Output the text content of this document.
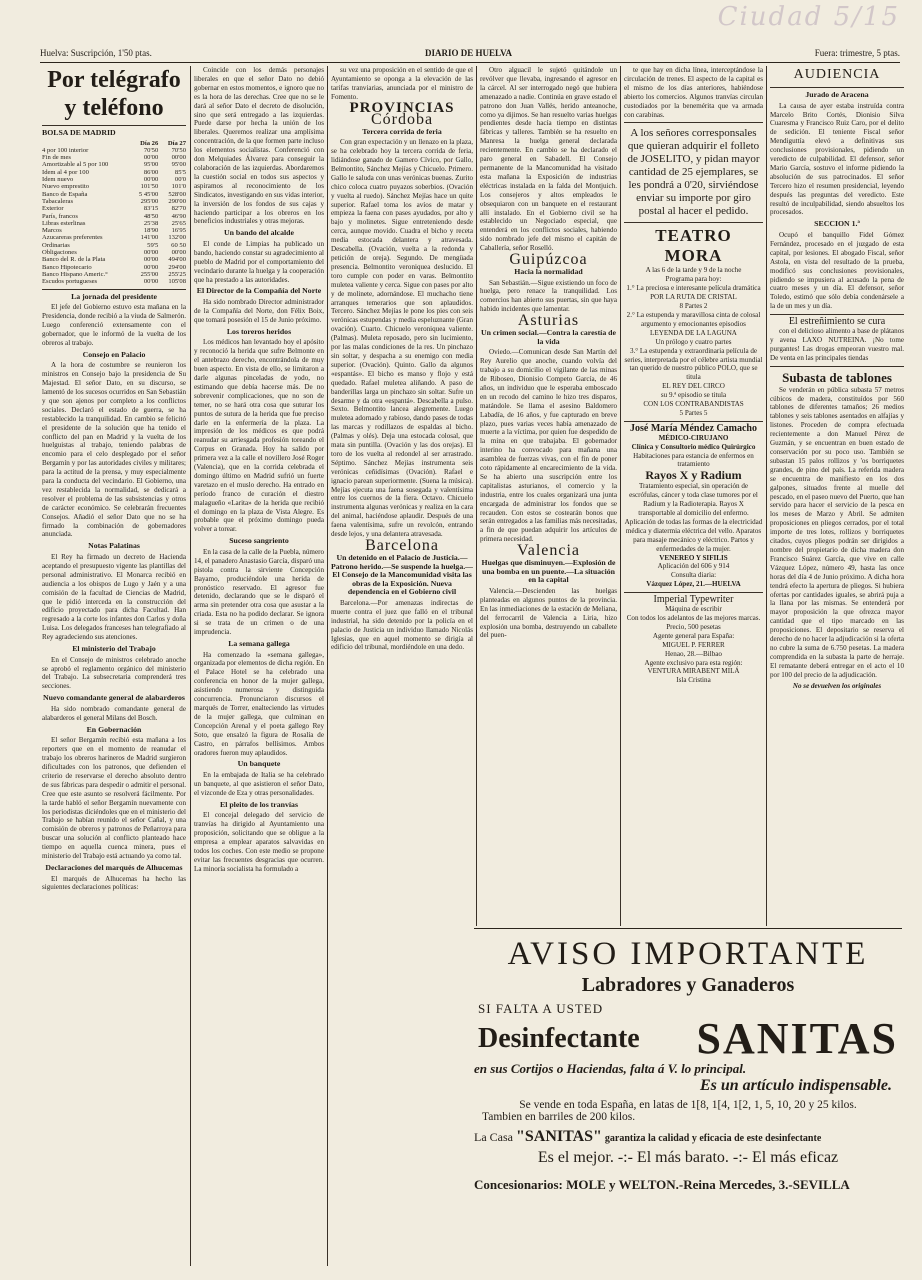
Ciudad 5/15
Huelva: Suscripción, 1'50 ptas.	DIARIO DE HUELVA	Fuera: trimestre, 5 ptas.
Por telégrafo y teléfono
BOLSA DE MADRID
	Día 26	Día 27
4 por 100 interior	70'50	70'50
Fin de mes	00'00	00'00
Amortizable al 5 por 100	95'00	95'00
Idem al 4 por 100	86'00	85'5
Idem nuevo	00'00	00'0
Nuevo emprestito	101'50	101'0
Banco de España	5 45'00	528'00
Tabacaleras	295'00	290'00
Exterior	83'15	82'70
París, francos	48'50	46'90
Libras esterlinas	25'38	25'65
Marcos	18'90	16'95
Azucareras preferentes	141'00	132'00
Ordinarias	59'5	60 50
Obligaciones	00'00	00'00
Banco del R. de la Plata	00'00	494'00
Banco Hipotecario	00'00	294'00
Banco Hispano Americ.°	255'00	255'25
Escudos portugueses	00'00	105'08
La jornada del presidente

El jefe del Gobierno estuvo esta mañana en la Presidencia, donde recibió a la viuda de Salmerón. Luego conferenció extensamente con el gobernador, que le informó de la vuelta de los obreros al trabajo.

Consejo en Palacio

A la hora de costumbre se reunieron los ministros en Consejo bajo la presidencia de Su Majestad. El señor Dato, en su discurso, se lamentó de los sucesos ocurridos en San Sebastián y que son ajenos por completo a los conflictos sociales. Declaró el estado de guerra, se ha restablecido la tranquilidad. En cambio se felicitó el presidente de la solución que ha tenido el conflicto del pan en Madrid y la vuelta de los huelguistas al trabajo, teniendo palabras de encomio para el celo desplegado por el señor Bergamín y por las autoridades civiles y militares; para la actitud de la prensa, y muy especialmente para la conducta del vecindario. El Gobierno, una vez restablecida la normalidad, se dedicará a resolver el problema de las subsistencias y otros de carácter económico. Se celebrarán frecuentes Consejos. Añadió el señor Dato que no se ha firmado la combinación de gobernadores anunciada.

Notas Palatinas

El Rey ha firmado un decreto de Hacienda aceptando el presupuesto vigente las plantillas del personal administrativo. El Monarca recibió en audiencia a los obispos de Lugo y Jaén y a una comisión de la facultad de Ciencias de Madrid, que le pidió interceda en la construcción del edificio proyectado para dicha Facultad. Han regresado a la corte los infantes don Carlos y doña Luisa. Los delegados franceses han telegrafiado al Rey agradeciendo sus atenciones.

El ministerio del Trabajo

En el Consejo de ministros celebrado anoche se aprobó el reglamento orgánico del ministerio del Trabajo. La subsecretaria comprenderá tres secciones.

Nuevo comandante general de alabarderos

Ha sido nombrado comandante general de alabarderos el general Milans del Bosch.

En Gobernación

El señor Bergamín recibió esta mañana a los reporters que en el momento de reanudar el trabajo los obreros harineros de Madrid surgieron dificultades con los patronos, que defienden el criterio de reservarse el derecho absoluto dentro de sus fábricas para despedir o admitir el personal. Cree que este asunto se resolverá fácilmente. Por la tarde habló el señor Bergamín nuevamente con los periodistas diciéndoles que en el ministerio del Trabajo se habían reunido el señor Cañal, y una comisión de obreros y patronos de Peñarroya para buscar una solución al conflicto planteado hace tiempo en aquella cuenca minera, pues el ministerio del Trabajo está actuando ya como tal.

Declaraciones del marqués de Alhucemas

El marqués de Alhucemas ha hecho las siguientes declaraciones políticas:

Coincide con los demás personajes liberales en que el señor Dato no debió gobernar en estos momentos, e ignoro que no es la hora de las derechas. Cree que no se le dará al señor Dato el decreto de disolución, sino que será entregado a las izquierdas. Puede darse por hecha la unión de los liberales. Queremos realizar una amplísima concentración, de la que formen parte incluso los elementos socialistas. Conferenció con don Melquiades Álvarez para conseguir la colaboración de las izquierdas. Abordaremos la cuestión social en todos sus aspectos y aspiramos al reconocimiento de los Sindicatos, investigando en sus vidas interior, la inversión de los fondos de sus cajas y haciendo participar a los obreros en los beneficios industriales y otras mejoras.

Un bando del alcalde

El conde de Limpias ha publicado un bando, haciendo constar su agradecimiento al pueblo de Madrid por el comportamiento del vecindario durante la huelga y la cooperación que ha prestado a las autoridades.

El Director de la Compañía del Norte

Ha sido nombrado Director administrador de la Compañía del Norte, don Félix Boix, que tomará posesión el 15 de Junio próximo.

Los toreros heridos

Los médicos han levantado hoy el apósito y reconoció la herida que sufre Belmonte en el antebrazo derecho, encontrándola de muy buen aspecto. En vista de ello, se limitaron a darle algunas pinceladas de yodo, no estimando que debía hacerse más. De no sobrevenir complicaciones, que no son de temer, no se hará otra cosa que suturar los puntos de sutura de la herida que fue preciso darle en la enfermería de la plaza. La impresión de los médicos es que podrá reanudar su arriesgada profesión toreando el Corpus en Granada. Hoy ha salido por primera vez a la calle el novillero José Roger (Valencia), que en la corrida celebrada el domingo último en Madrid sufrió un fuerte varetazo en el muslo derecho. Ha entrado en período franco de curación el diestro malagueño «Larita» de la herida que recibió el domingo en la plaza de Vista Alegre. Es probable que el próximo domingo pueda volver a torear.

Suceso sangriento

En la casa de la calle de la Puebla, número 14, el panadero Anastasio García, disparó una pistola contra la sirviente Concepción Bayamo, produciéndole una herida de pronóstico reservado. El agresor fue detenido, declarando que se le disparó el arma sin pretender otra cosa que asustar a la criada. Esta no ha podido declarar. Se ignora si se trata de un crimen o de una imprudencia.

La semana gallega

Ha comenzado la «semana gallega», organizada por elementos de dicha región. En el Palace Hotel se ha celebrado una conferencia en honor de la mujer gallega, asistiendo numerosa y distinguida concurrencia. Pronunciaron discursos el marqués de Torrer, enalteciendo las virtudes de la mujer gallega, que culminan en Concepción Arenal y el poeta gallego Rey Soto, que ensalzó la figura de Rosalía de Castro, en párrafos bellísimos. Ambos oradores fueron muy aplaudidos.

Un banquete

En la embajada de Italia se ha celebrado un banquete, al que asistieron el señor Dato, el vizconde de Eza y otras personalidades.

El pleito de los tranvías

El concejal delegado del servicio de tranvías ha dirigido al Ayuntamiento una proposición, solicitando que se obligue a la empresa a emplear aparatos salvavidas en todos los coches. Con este medio se propone evitar las frecuentes desgracias que ocurren. La minoría socialista ha formulado a

su vez una proposición en el sentido de que el Ayuntamiento se oponga a la elevación de las tarifas tranviarias, anunciada por el ministro de Fomento.

PROVINCIAS
Córdoba
Tercera corrida de feria

Con gran expectación y un llenazo en la plaza, se ha celebrado hoy la tercera corrida de feria, lidiándose ganado de Gamero Cívico, por Gallo, Belmontito, Sánchez Mejías y Chicuelo. Primero. Gallo le saluda con unas verónicas buenas. Zurito chico coloca cuatro puyazos soberbios. (Ovación y vuelta al ruedo). Sánchez Mejías hace un quite superior. Rafael toma los avíos de matar y empieza la faena con pases ayudados, por alto y bajo y molinetes. Sigue entreteniendo desde cerca, aunque movido. Cuadra el bicho y receta media estocada delantera y atravesada. Descabella. (Ovación, vuelta a la redonda y petición de oreja). Segundo. De mengüada presencia. Belmontito veroniquea deslucido. El toro cumple con poder en varas. Belmontito muletea valiente y cerca. Sigue con pases por alto y de molinete, adornándose. El muchacho tiene arranques temerarios que son aplaudidos. Tercero. Sánchez Mejías le pone los pies con seis verónicas estupendas y media espeluznante (Gran ovación). Cuarto. Chicuelo veroniquea valiente. (Palmas). Muleta reposado, pero sin lucimiento, por las malas condiciones de la res. Un pinchazo sin soltar, y despacha a su enemigo con media superior. (Ovación). Quinto. Gallo da algunos «espantás». El bicho es manso y flojo y está quedado. Rafael muletea aliñando. A paso de banderillas larga un pinchazo sin soltar. Sufre un desarme y da otra «espantá». Descabella a pulso. Sexto. Belmontito lancea alegremente. Luego muletea adornado y rabioso, dando pases de todas las marcas y rodillazos de espaldas al bicho. (Palmas y olés). Deja una estocada colosal, que mata sin puntilla. (Ovación y las dos orejas). El toro de los vuelta al redondel al ser arrastrado. Séptimo. Sánchez Mejías instrumenta seis verónicas ceñidísimas (Ovación). Rafael e ignacio parean superiormente. (Suena la música). Mejías ejecuta una faena sosegada y valentísima entre los cuernos de la fiera. Octavo. Chicuelo instrumenta algunas verónicas y realiza en la cara del animal, haciéndose aplaudir. Después de una faena valentísima, sufre un revolcón, entrando desde lejos, y una delantera atravesada.

Barcelona
Un detenido en el Palacio de Justicia.—Patrono herido.—Se suspende la huelga.—El Consejo de la Mancomunidad visita las obras de la Exposición. Nueva dependencia en el Gobierno civil

Barcelona.—Por amenazas indirectas de muerte contra el juez que falló en el tribunal industrial, ha sido detenido por la policía en el palacio de Justicia un individuo llamado Nicolás Iglesias, que en aquel momento se dirigía al edificio del tribunal, mordiéndole en una dedo.

Otro alguacil le sujetó quitándole un revólver que llevaba, ingresando el agresor en la cárcel. Al ser interrogado negó que hubiera amenazado a nadie. Continúa en grave estado el patrono don Juan Vallés, herido anteanoche, como ya dijimos. Se han resuelto varias huelgas pendientes desde hacía tiempo en distintas fábricas y talleres. También se ha resuelto en Manresa la huelga general declarada recientemente. En cambio se ha declarado el paro general en Sabadell. El Consejo permanente de la Mancomunidad ha visitado esta mañana la Exposición de industrias eléctricas instalada en la falda del Montjuich. Los consejeros y altos empleados le obsequiaron con un banquete en el restaurant allí instalado. En el Gobierno civil se ha establecido un Negociado especial, que entenderá en los conflictos sociales, habiendo sido nombrado jefe del mismo el capitán de Caballería, señor Roselló.

Guipúzcoa
Hacia la normalidad

San Sebastián.—Sigue existiendo un foco de huelga, pero renace la tranquilidad. Los comercios han abierto sus puertas, sin que haya habido incidentes que lamentar.

Asturias
Un crimen social.—Contra la carestía de la vida

Oviedo.—Comunican desde San Martín del Rey Aurelio que anoche, cuando volvía del trabajo a su domicilio el vigilante de las minas de Riboseo, Dionisio Competo García, de 46 años, un individuo que le esperaba emboscado en un recodo del camino le hizo tres disparos, matándole. Se llama el asesino Baldomero Labadía, de 16 años, y fue capturado en breve plazo, pues varias veces había amenazado de muerte a la víctima, por quien fue despedido de la mina en que trabajaba. El gobernador interino ha convocado para mañana una asamblea de fuerzas vivas, con el fin de poner coto rápidamente al encarecimiento de la vida. Se ha abierto una suscripción entre los capitalistas asturianos, el comercio y la industria, entre los cuales organizará una junta encargada de administrar los fondos que se recauden. Con estos se costearán bonos que serán entregados a las familias más necesitadas, a fin de que puedan adquirir los artículos de primera necesidad.

Valencia
Huelgas que disminuyen.—Explosión de una bomba en un puente.—La situación en la capital

Valencia.—Descienden las huelgas planteadas en algunos puntos de la provincia. En las inmediaciones de la estación de Meliana, del ferrocarril de Valencia a Liria, hizo explosión una bomba, destruyendo un caballete del puen-

te que hay en dicha línea, interceptándose la circulación de trenes. El aspecto de la capital es el mismo de los días anteriores, habiéndose abierto los comercios. Algunos tranvías circulan custodiados por la benemérita que va armada con carabinas.

A los señores corresponsales que quieran adquirir el folleto de JOSELITO, y pidan mayor cantidad de 25 ejemplares, se les pondrá a 0'20, sirviéndose enviar su importe por giro postal al hacer el pedido.
TEATRO MORA
A las 6 de la tarde y 9 de la noche
Programa para hoy:
1.° La preciosa e interesante película dramática
POR LA RUTA DE CRISTAL
8 Partes 2
2.° La estupenda y maravillosa cinta de colosal argumento y emocionantes episodios
LEYENDA DE LA LAGUNA
Un prólogo y cuatro partes
3.° La estupenda y extraordinaria película de series, interpretada por el célebre artista mundial tan querido de nuestro público POLO, que se titula
EL REY DEL CIRCO
su 9.ª episodio se titula
CON LOS CONTRABANDISTAS
5 Partes 5
José María Méndez Camacho
MÉDICO-CIRUJANO
Clínica y Consultorio médico Quirúrgico
Habitaciones para estancia de enfermos en tratamiento
Rayos X y Radium
Tratamiento especial, sin operación de escrófulas, cáncer y toda clase tumores por el Radium y la Radioterapia. Rayos X transportable al domicilio del enfermo. Aplicación de todas las formas de la electricidad médica y diatermia eléctrica del vello. Aparatos para masaje mecánico y eléctrico. Partos y enfermedades de la mujer.
VENEREO Y SIFILIS
Aplicación del 606 y 914
Consulta diaria:
Vázquez López, 21.—HUELVA
Imperial Typewriter
Máquina de escribir
Con todos los adelantos de las mejores marcas.
Precio, 500 pesetas
Agente general para España:
MIGUEL P. FERRER
Henao, 28.—Bilbao
Agente exclusivo para esta región:
VENTURA MIRABENT MILÁ
Isla Cristina
AUDIENCIA
Jurado de Aracena

La causa de ayer estaba instruída contra Marcelo Brito Cortés, Dionisio Silva Cuaresma y Francisco Ruiz Caro, por el delito de sedición. El teniente Fiscal señor Mendiguttía elevó a definitivas sus conclusiones provisionales, pidiendo un veredicto de culpabilidad. El defensor, señor Mario García, sostuvo el informe pidiendo la absolución de sus patrocinados. El señor Tercero hizo el resumen presidencial, leyendo después las preguntas del veredicto. Este resultó de inculpabilidad, siendo absueltos los procesados.

SECCION 1.ª

Ocupó el banquillo Fidel Gómez Fernández, procesado en el juzgado de esta capital, por lesiones. El abogado Fiscal, señor Astola, en vista del resultado de la prueba, modificó sus conclusiones provisionales, pidiendo se impusiera al acusado la pena de cuatro meses y un día. El defensor, señor Toledo, estimó que sólo debía condenársele a la de un mes y un día.

El estreñimiento se cura

con el delicioso alimento a base de plátanos y avena LAXO NUTREINA. ¡No tome purgantes! Las drogas empeoran vuestro mal. De venta en las principales tiendas

Subasta de tablones

Se venderán en pública subasta 57 metros cúbicos de madera, constituídos por 560 tablones de diferentes tamaños; 26 medios tablones y seis tablones asentados en alfajías y listones. Proceden de compra efectuada recientemente a don Manuel Pérez de Guzmán, y se encuentran en buen estado de conservación por su poco uso. También se subastan 15 palos rollizos y 'os borriquetes grandes, de pino del país. La referida madera se encuentra de manifiesto en los dos galpones, situados frente al muelle del pescado, en el paseo nuevo del Puerto, que han servido para hacer el servicio de la pesca en los meses de Marzo y Abril. Se admiten proposiciones en pliegos cerrados, por el total importe de tres lotes, rollizos y borriquetes citados, cuyos pliegos podrán ser dirigidos a nombre del propietario de dicha madera don Francisco Suárez García, que vive en calle Vázquez López, número 49, hasta las once horas del día 4 de Junio próximo. A dicha hora tendrá efecto la apertura de pliegos. Si hubiera ofertas por cantidades iguales, se abrirá puja a la llana por las mismas. Se entenderá por mayor proposición la que ofrezca mayor cantidad que el tipo marcado en las proposiciones. El depositario se reserva el derecho de no hacer la adjudicación si la oferta no cubre la suma de 6.750 pesetas. La madera comprendida en la subasta la parte de herraje. El rematante deberá entregar en el acto el 10 por 100 del precio de la adjudicación.

No se devuelven los originales
AVISO IMPORTANTE
Labradores y Ganaderos
SI FALTA A USTED
Desinfectante SANITAS
en sus Cortijos o Haciendas, falta á V. lo principal.
Es un artículo indispensable.
Se vende en toda España, en latas de 1[8, 1[4, 1[2, 1, 5, 10, 20 y 25 kilos.
Tambien en barriles de 200 kilos.
La Casa "SANITAS" garantiza la calidad y eficacia de este desinfectante
Es el mejor. -:- El más barato. -:- El más eficaz
Concesionarios: MOLE y WELTON.-Reina Mercedes, 3.-SEVILLA
